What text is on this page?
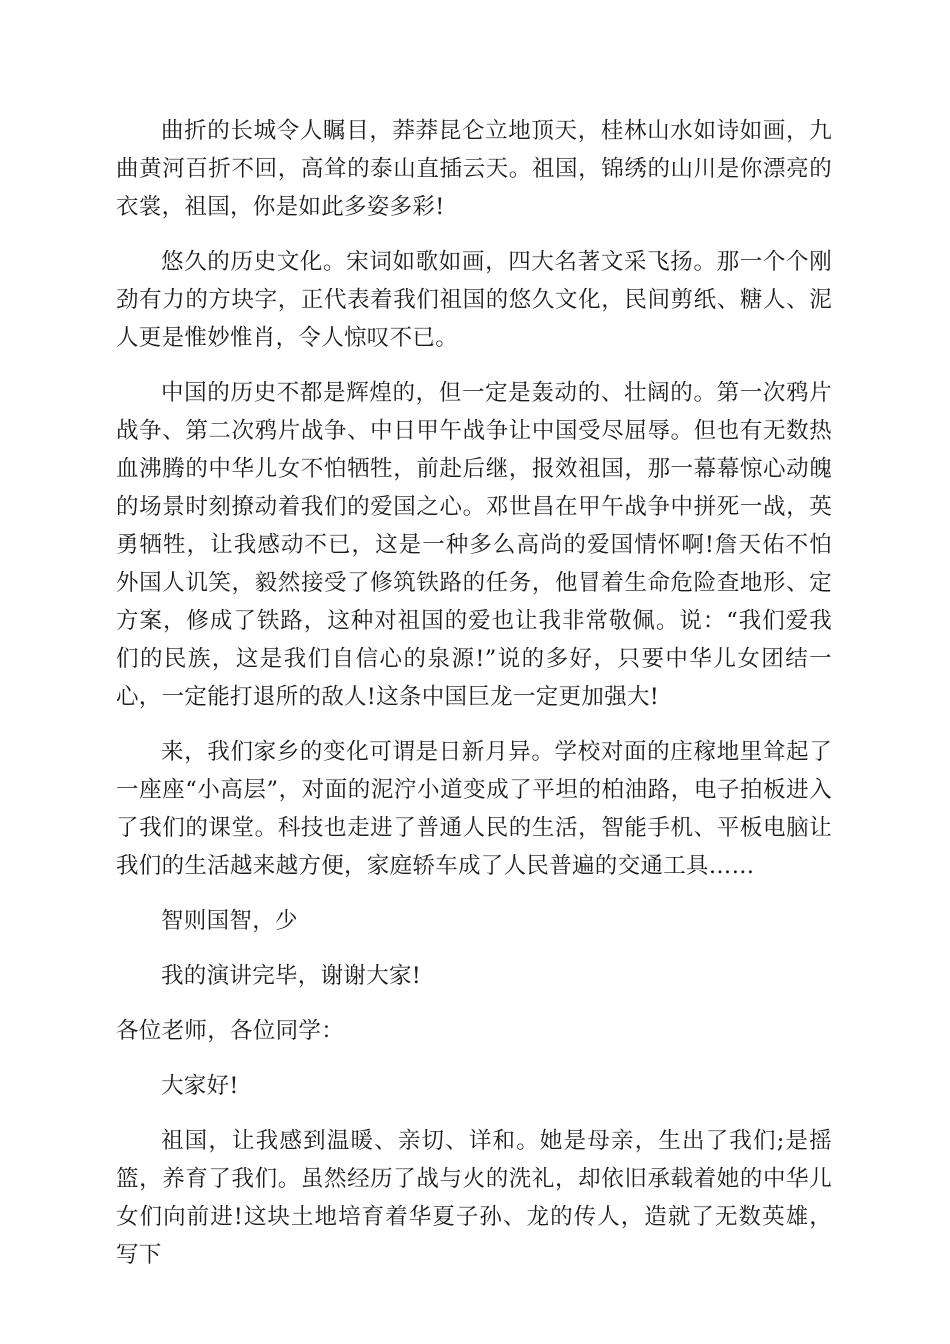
曲折的长城令人瞩目，莽莽昆仑立地顶天，桂林山水如诗如画，九曲黄河百折不回，高耸的泰山直插云天。祖国，锦绣的山川是你漂亮的衣裳，祖国，你是如此多姿多彩!

悠久的历史文化。宋词如歌如画，四大名著文采飞扬。那一个个刚劲有力的方块字，正代表着我们祖国的悠久文化，民间剪纸、糖人、泥人更是惟妙惟肖，令人惊叹不已。

中国的历史不都是辉煌的，但一定是轰动的、壮阔的。第一次鸦片战争、第二次鸦片战争、中日甲午战争让中国受尽屈辱。但也有无数热血沸腾的中华儿女不怕牺牲，前赴后继，报效祖国，那一幕幕惊心动魄的场景时刻撩动着我们的爱国之心。邓世昌在甲午战争中拼死一战，英勇牺牲，让我感动不已，这是一种多么高尚的爱国情怀啊!詹天佑不怕外国人讥笑，毅然接受了修筑铁路的任务，他冒着生命危险查地形、定方案，修成了铁路，这种对祖国的爱也让我非常敬佩。说：“我们爱我们的民族，这是我们自信心的泉源!”说的多好，只要中华儿女团结一心，一定能打退所的敌人!这条中国巨龙一定更加强大!

来，我们家乡的变化可谓是日新月异。学校对面的庄稼地里耸起了一座座“小高层”，对面的泥泞小道变成了平坦的柏油路，电子拍板进入了我们的课堂。科技也走进了普通人民的生活，智能手机、平板电脑让我们的生活越来越方便，家庭轿车成了人民普遍的交通工具……

智则国智，少

我的演讲完毕，谢谢大家!

各位老师，各位同学：

大家好!

祖国，让我感到温暖、亲切、详和。她是母亲，生出了我们;是摇篮，养育了我们。虽然经历了战与火的洗礼，却依旧承载着她的中华儿女们向前进!这块土地培育着华夏子孙、龙的传人，造就了无数英雄，写下
